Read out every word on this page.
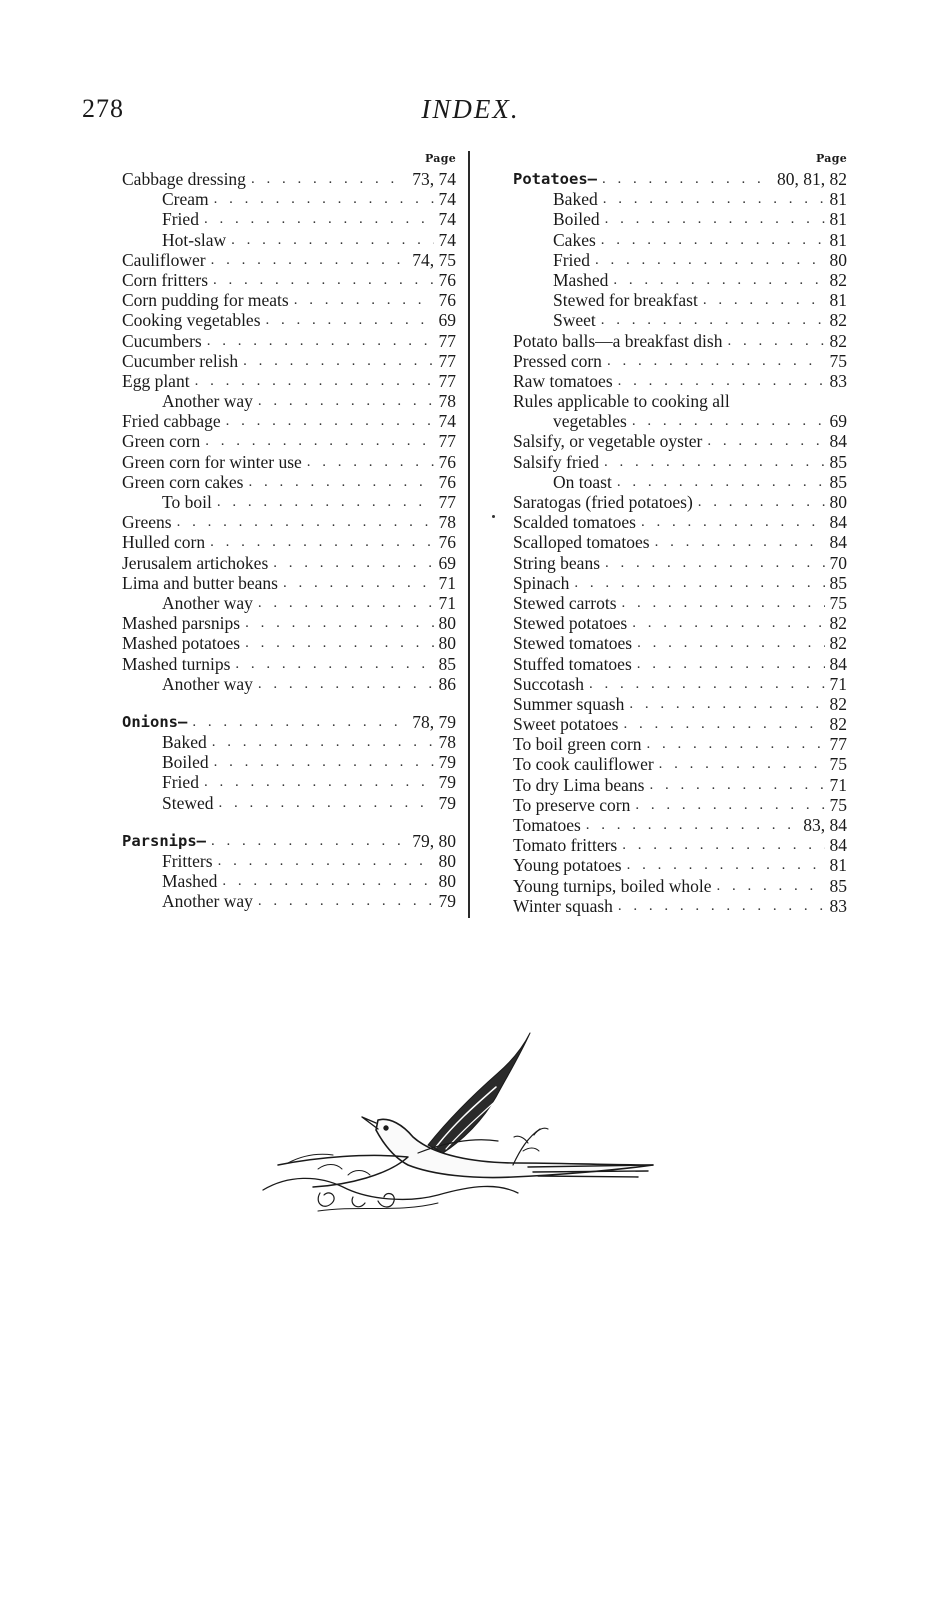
278	INDEX.
Page
Cabbage dressing . . .	73, 74
Cream . . .	74
Fried . . .	74
Hot-slaw . . .	74
Cauliflower . . .	74, 75
Corn fritters . . .	76
Corn pudding for meats . . .	76
Cooking vegetables . . .	69
Cucumbers . . .	77
Cucumber relish . . .	77
Egg plant . . .	77
Another way . . .	78
Fried cabbage . . .	74
Green corn . . .	77
Green corn for winter use . . .	76
Green corn cakes . . .	76
To boil . . .	77
Greens . . .	78
Hulled corn . . .	76
Jerusalem artichokes . . .	69
Lima and butter beans . . .	71
Another way . . .	71
Mashed parsnips . . .	80
Mashed potatoes . . .	80
Mashed turnips . . .	85
Another way . . .	86
Onions— . . .	78, 79
Baked . . .	78
Boiled . . .	79
Fried . . .	79
Stewed . . .	79
Parsnips— . . .	79, 80
Fritters . . .	80
Mashed . . .	80
Another way . . .	79
Page
Potatoes— . . .	80, 81, 82
Baked . . .	81
Boiled . . .	81
Cakes . . .	81
Fried . . .	80
Mashed . . .	82
Stewed for breakfast . . .	81
Sweet . . .	82
Potato balls—a breakfast dish . . .	82
Pressed corn . . .	75
Raw tomatoes . . .	83
Rules applicable to cooking all
vegetables . . .	69
Salsify, or vegetable oyster . . .	84
Salsify fried . . .	85
On toast . . .	85
Saratogas (fried potatoes) . . .	80
Scalded tomatoes . . .	84
Scalloped tomatoes . . .	84
String beans . . .	70
Spinach . . .	85
Stewed carrots . . .	75
Stewed potatoes . . .	82
Stewed tomatoes . . .	82
Stuffed tomatoes . . .	84
Succotash . . .	71
Summer squash . . .	82
Sweet potatoes . . .	82
To boil green corn . . .	77
To cook cauliflower . . .	75
To dry Lima beans . . .	71
To preserve corn . . .	75
Tomatoes . . .	83, 84
Tomato fritters . . .	84
Young potatoes . . .	81
Young turnips, boiled whole . . .	85
Winter squash . . .	83
